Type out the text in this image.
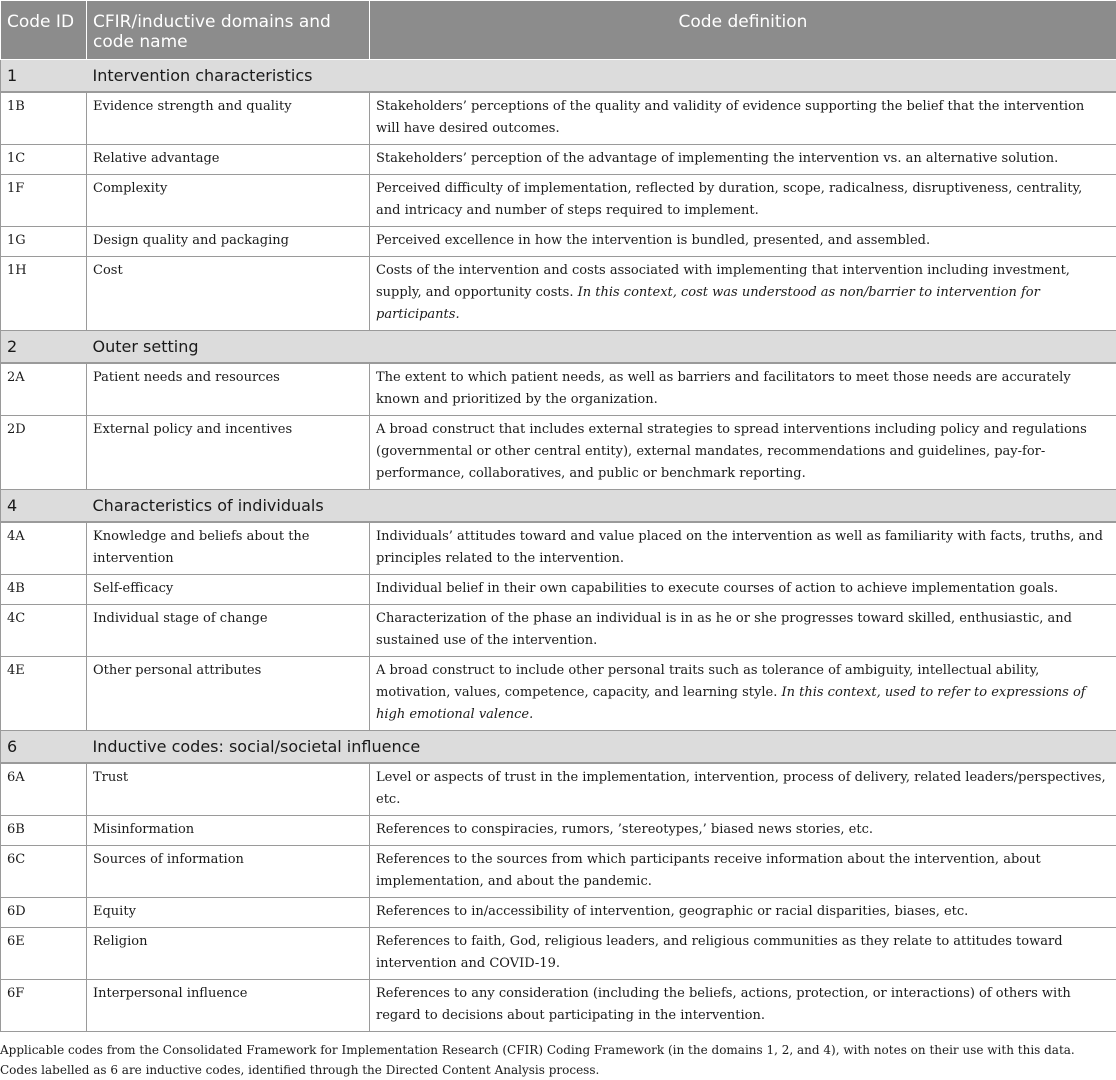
Code ID	CFIR/inductive domains and code name	Code definition
1	Intervention characteristics	
1B	Evidence strength and quality	Stakeholders’ perceptions of the quality and validity of evidence supporting the belief that the intervention will have desired outcomes.
1C	Relative advantage	Stakeholders’ perception of the advantage of implementing the intervention vs. an alternative solution.
1F	Complexity	Perceived difficulty of implementation, reflected by duration, scope, radicalness, disruptiveness, centrality, and intricacy and number of steps required to implement.
1G	Design quality and packaging	Perceived excellence in how the intervention is bundled, presented, and assembled.
1H	Cost	Costs of the intervention and costs associated with implementing that intervention including investment, supply, and opportunity costs. In this context, cost was understood as non/barrier to intervention for participants.
2	Outer setting	
2A	Patient needs and resources	The extent to which patient needs, as well as barriers and facilitators to meet those needs are accurately known and prioritized by the organization.
2D	External policy and incentives	A broad construct that includes external strategies to spread interventions including policy and regulations (governmental or other central entity), external mandates, recommendations and guidelines, pay-for-performance, collaboratives, and public or benchmark reporting.
4	Characteristics of individuals	
4A	Knowledge and beliefs about the intervention	Individuals’ attitudes toward and value placed on the intervention as well as familiarity with facts, truths, and principles related to the intervention.
4B	Self-efficacy	Individual belief in their own capabilities to execute courses of action to achieve implementation goals.
4C	Individual stage of change	Characterization of the phase an individual is in as he or she progresses toward skilled, enthusiastic, and sustained use of the intervention.
4E	Other personal attributes	A broad construct to include other personal traits such as tolerance of ambiguity, intellectual ability, motivation, values, competence, capacity, and learning style. In this context, used to refer to expressions of high emotional valence.
6	Inductive codes: social/societal influence	
6A	Trust	Level or aspects of trust in the implementation, intervention, process of delivery, related leaders/perspectives, etc.
6B	Misinformation	References to conspiracies, rumors, ’stereotypes,’ biased news stories, etc.
6C	Sources of information	References to the sources from which participants receive information about the intervention, about implementation, and about the pandemic.
6D	Equity	References to in/accessibility of intervention, geographic or racial disparities, biases, etc.
6E	Religion	References to faith, God, religious leaders, and religious communities as they relate to attitudes toward intervention and COVID-19.
6F	Interpersonal influence	References to any consideration (including the beliefs, actions, protection, or interactions) of others with regard to decisions about participating in the intervention.
Applicable codes from the Consolidated Framework for Implementation Research (CFIR) Coding Framework (in the domains 1, 2, and 4), with notes on their use with this data. Codes labelled as 6 are inductive codes, identified through the Directed Content Analysis process.
